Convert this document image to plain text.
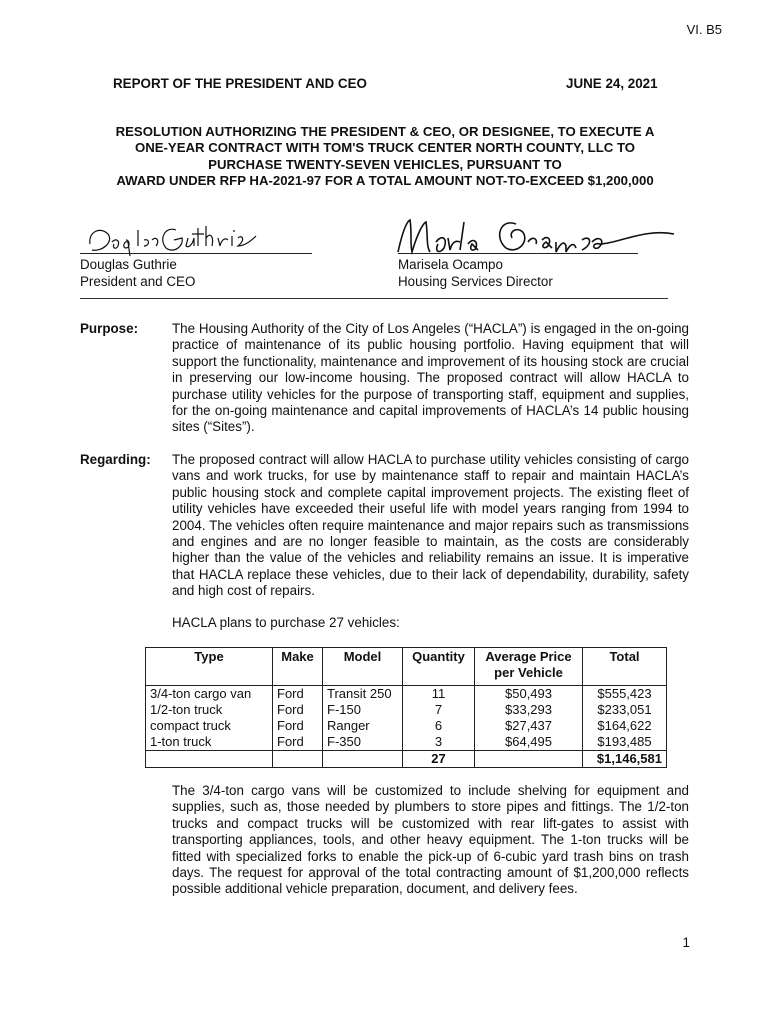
VI. B5
REPORT OF THE PRESIDENT AND CEO	JUNE 24, 2021
RESOLUTION AUTHORIZING THE PRESIDENT & CEO, OR DESIGNEE, TO EXECUTE A
ONE-YEAR CONTRACT WITH TOM'S TRUCK CENTER NORTH COUNTY, LLC TO
PURCHASE TWENTY-SEVEN VEHICLES, PURSUANT TO
AWARD UNDER RFP HA-2021-97 FOR A TOTAL AMOUNT NOT-TO-EXCEED $1,200,000
Douglas Guthrie
President and CEO
Marisela Ocampo
Housing Services Director
Purpose:	The Housing Authority of the City of Los Angeles (“HACLA”) is engaged in the on-going practice of maintenance of its public housing portfolio. Having equipment that will support the functionality, maintenance and improvement of its housing stock are crucial in preserving our low-income housing. The proposed contract will allow HACLA to purchase utility vehicles for the purpose of transporting staff, equipment and supplies, for the on-going maintenance and capital improvements of HACLA’s 14 public housing sites (“Sites”).

Regarding: The proposed contract will allow HACLA to purchase utility vehicles consisting of cargo vans and work trucks, for use by maintenance staff to repair and maintain HACLA’s public housing stock and complete capital improvement projects. The existing fleet of utility vehicles have exceeded their useful life with model years ranging from 1994 to 2004. The vehicles often require maintenance and major repairs such as transmissions and engines and are no longer feasible to maintain, as the costs are considerably higher than the value of the vehicles and reliability remains an issue. It is imperative that HACLA replace these vehicles, due to their lack of dependability, durability, safety and high cost of repairs.

HACLA plans to purchase 27 vehicles:
Type	Make	Model	Quantity	Average Price per Vehicle	Total
3/4-ton cargo van	Ford	Transit 250	11	$50,493	$555,423
1/2-ton truck	Ford	F-150	7	$33,293	$233,051
compact truck	Ford	Ranger	6	$27,437	$164,622
1-ton truck	Ford	F-350	3	$64,495	$193,485
			27		$1,146,581

The 3/4-ton cargo vans will be customized to include shelving for equipment and supplies, such as, those needed by plumbers to store pipes and fittings. The 1/2-ton trucks and compact trucks will be customized with rear lift-gates to assist with transporting appliances, tools, and other heavy equipment. The 1-ton trucks will be fitted with specialized forks to enable the pick-up of 6-cubic yard trash bins on trash days. The request for approval of the total contracting amount of $1,200,000 reflects possible additional vehicle preparation, document, and delivery fees.

1
